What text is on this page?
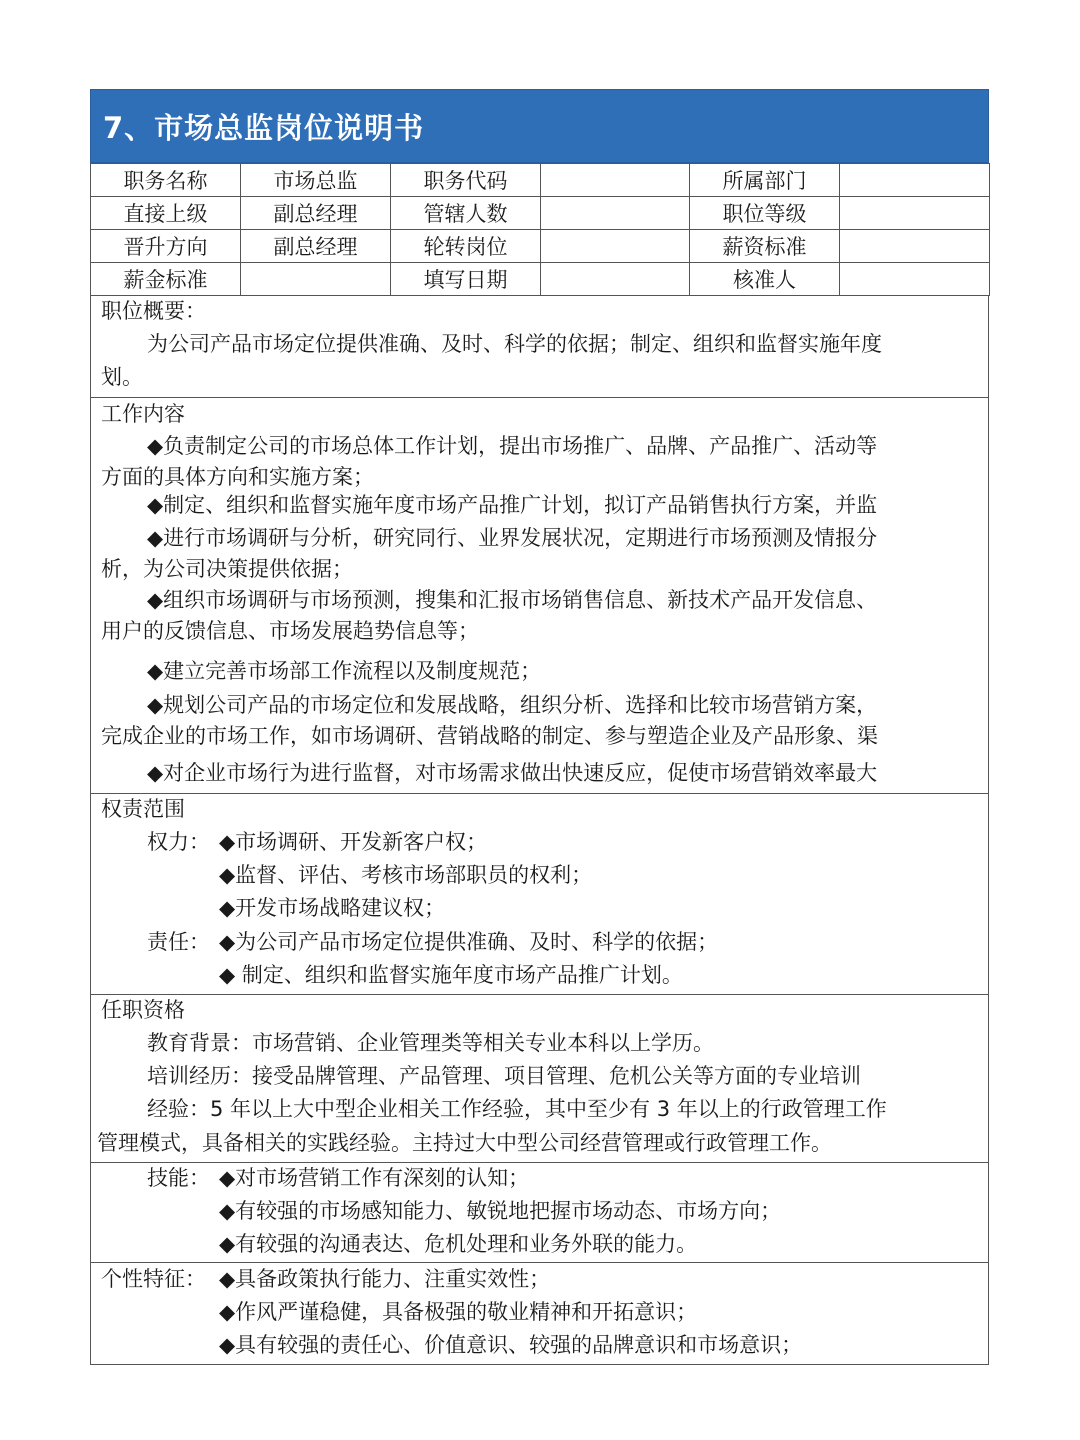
7、市场总监岗位说明书
职务名称	市场总监	职务代码		所属部门	
直接上级	副总经理	管辖人数		职位等级	
晋升方向	副总经理	轮转岗位		薪资标准	
薪金标准		填写日期		核准人	
职位概要：
为公司产品市场定位提供准确、及时、科学的依据；制定、组织和监督实施年度
划。
工作内容
◆负责制定公司的市场总体工作计划，提出市场推广、品牌、产品推广、活动等
方面的具体方向和实施方案；
◆制定、组织和监督实施年度市场产品推广计划，拟订产品销售执行方案，并监
◆进行市场调研与分析，研究同行、业界发展状况，定期进行市场预测及情报分
析，为公司决策提供依据；
◆组织市场调研与市场预测，搜集和汇报市场销售信息、新技术产品开发信息、
用户的反馈信息、市场发展趋势信息等；
◆建立完善市场部工作流程以及制度规范；
◆规划公司产品的市场定位和发展战略，组织分析、选择和比较市场营销方案，
完成企业的市场工作，如市场调研、营销战略的制定、参与塑造企业及产品形象、渠
◆对企业市场行为进行监督，对市场需求做出快速反应，促使市场营销效率最大
权责范围
权力： ◆市场调研、开发新客户权；
◆监督、评估、考核市场部职员的权利；
◆开发市场战略建议权；
责任： ◆为公司产品市场定位提供准确、及时、科学的依据；
◆ 制定、组织和监督实施年度市场产品推广计划。
任职资格
教育背景：市场营销、企业管理类等相关专业本科以上学历。
培训经历：接受品牌管理、产品管理、项目管理、危机公关等方面的专业培训
经验：5 年以上大中型企业相关工作经验，其中至少有 3 年以上的行政管理工作
管理模式，具备相关的实践经验。主持过大中型公司经营管理或行政管理工作。
技能： ◆对市场营销工作有深刻的认知；
◆有较强的市场感知能力、敏锐地把握市场动态、市场方向；
◆有较强的沟通表达、危机处理和业务外联的能力。
个性特征： ◆具备政策执行能力、注重实效性；
◆作风严谨稳健，具备极强的敬业精神和开拓意识；
◆具有较强的责任心、价值意识、较强的品牌意识和市场意识；
